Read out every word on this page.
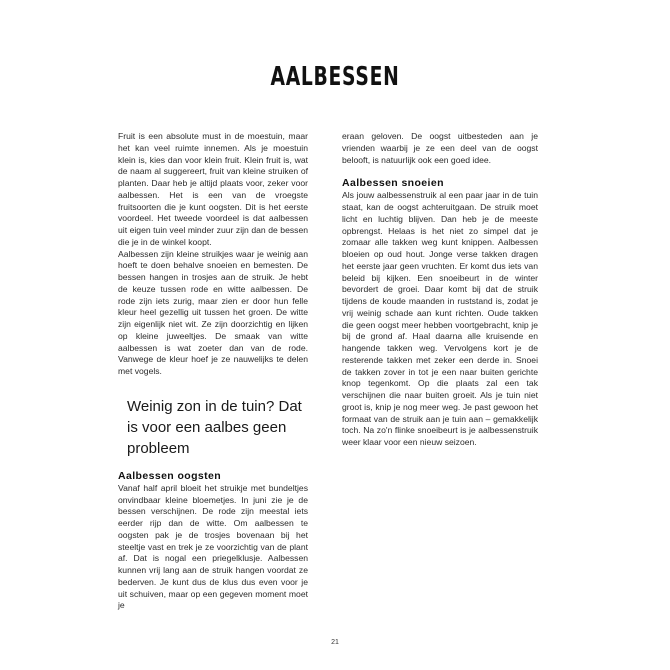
AALBESSEN

Fruit is een absolute must in de moestuin, maar het kan veel ruimte innemen. Als je moestuin klein is, kies dan voor klein fruit. Klein fruit is, wat de naam al suggereert, fruit van kleine struiken of planten. Daar heb je altijd plaats voor, zeker voor aalbessen. Het is een van de vroegste fruitsoorten die je kunt oogsten. Dit is het eerste voordeel. Het tweede voordeel is dat aalbessen uit eigen tuin veel minder zuur zijn dan de bessen die je in de winkel koopt.

Aalbessen zijn kleine struikjes waar je weinig aan hoeft te doen behalve snoeien en bemesten. De bessen hangen in trosjes aan de struik. Je hebt de keuze tussen rode en witte aalbessen. De rode zijn iets zurig, maar zien er door hun felle kleur heel gezellig uit tussen het groen. De witte zijn eigenlijk niet wit. Ze zijn doorzichtig en lijken op kleine juweeltjes. De smaak van witte aalbessen is wat zoeter dan van de rode. Vanwege de kleur hoef je ze nauwelijks te delen met vogels.

Weinig zon in de tuin? Dat is voor een aalbes geen probleem
Aalbessen oogsten

Vanaf half april bloeit het struikje met bundeltjes onvindbaar kleine bloemetjes. In juni zie je de bessen verschijnen. De rode zijn meestal iets eerder rijp dan de witte. Om aalbessen te oogsten pak je de trosjes bovenaan bij het steeltje vast en trek je ze voorzichtig van de plant af. Dat is nogal een priegelklusje. Aalbessen kunnen vrij lang aan de struik hangen voordat ze bederven. Je kunt dus de klus dus even voor je uit schuiven, maar op een gegeven moment moet je

eraan geloven. De oogst uitbesteden aan je vrienden waarbij je ze een deel van de oogst belooft, is natuurlijk ook een goed idee.

Aalbessen snoeien

Als jouw aalbessenstruik al een paar jaar in de tuin staat, kan de oogst achteruitgaan. De struik moet licht en luchtig blijven. Dan heb je de meeste opbrengst. Helaas is het niet zo simpel dat je zomaar alle takken weg kunt knippen. Aalbessen bloeien op oud hout. Jonge verse takken dragen het eerste jaar geen vruchten. Er komt dus iets van beleid bij kijken. Een snoeibeurt in de winter bevordert de groei. Daar komt bij dat de struik tijdens de koude maanden in ruststand is, zodat je vrij weinig schade aan kunt richten. Oude takken die geen oogst meer hebben voortgebracht, knip je bij de grond af. Haal daarna alle kruisende en hangende takken weg. Vervolgens kort je de resterende takken met zeker een derde in. Snoei de takken zover in tot je een naar buiten gerichte knop tegenkomt. Op die plaats zal een tak verschijnen die naar buiten groeit. Als je tuin niet groot is, knip je nog meer weg. Je past gewoon het formaat van de struik aan je tuin aan – gemakkelijk toch. Na zo'n flinke snoeibeurt is je aalbessenstruik weer klaar voor een nieuw seizoen.

21
